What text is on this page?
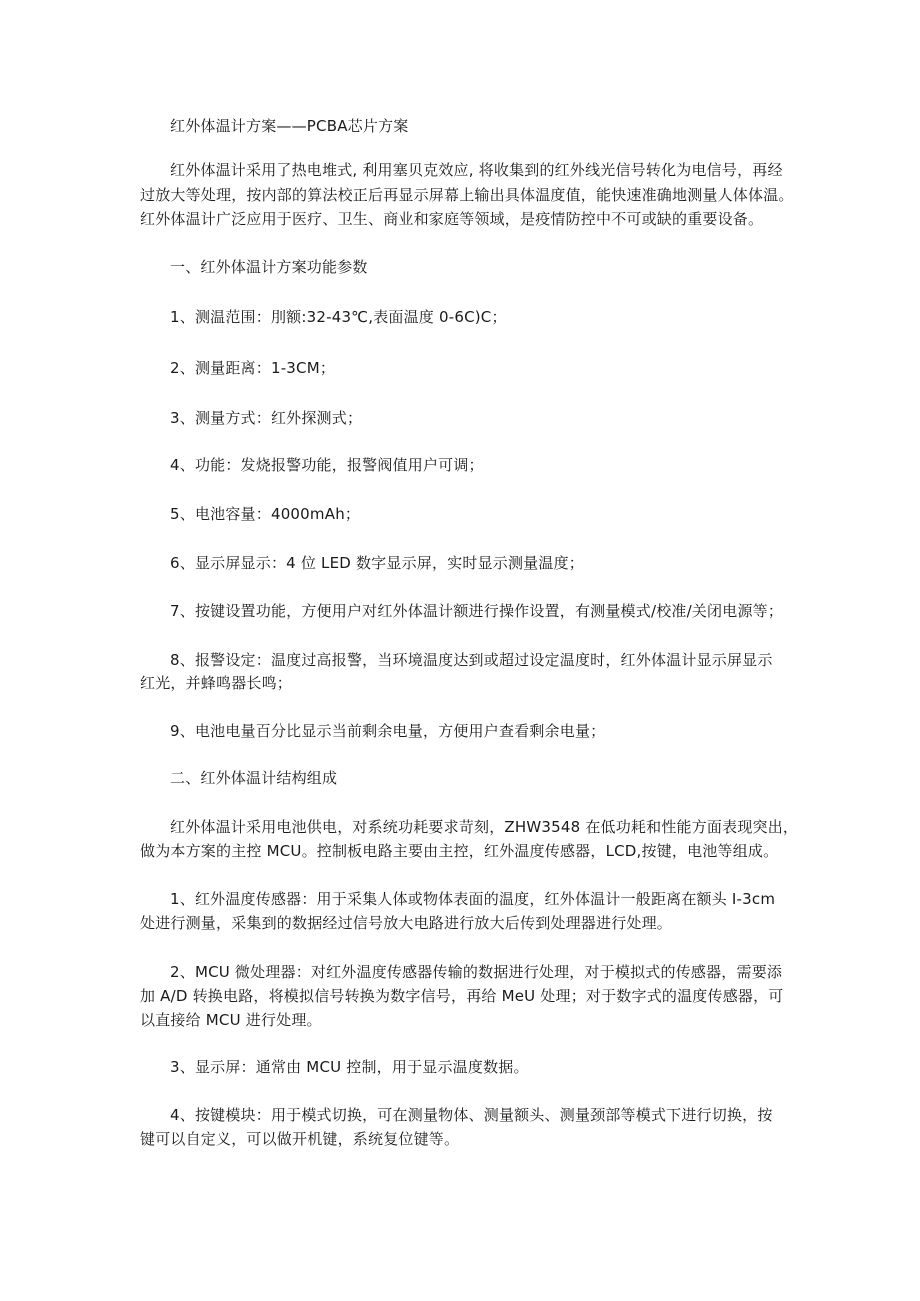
红外体温计方案——PCBA芯片方案
红外体温计采用了热电堆式, 利用塞贝克效应, 将收集到的红外线光信号转化为电信号，再经
过放大等处理，按内部的算法校正后再显示屏幕上输出具体温度值，能快速准确地测量人体体温。
红外体温计广泛应用于医疗、卫生、商业和家庭等领域，是疫情防控中不可或缺的重要设备。
一、红外体温计方案功能参数
1、测温范围：刖额:32-43℃,表面温度 0-6C)C；
2、测量距离：1-3CM；
3、测量方式：红外探测式；
4、功能：发烧报警功能，报警阀值用户可调；
5、电池容量：4000mAh；
6、显示屏显示：4 位 LED 数字显示屏，实时显示测量温度；
7、按键设置功能，方便用户对红外体温计额进行操作设置，有测量模式/校准/关闭电源等；
8、报警设定：温度过高报警，当环境温度达到或超过设定温度时，红外体温计显示屏显示
红光，并蜂鸣器长鸣；
9、电池电量百分比显示当前剩余电量，方便用户查看剩余电量；
二、红外体温计结构组成
红外体温计采用电池供电，对系统功耗要求苛刻，ZHW3548 在低功耗和性能方面表现突出，
做为本方案的主控 MCU。控制板电路主要由主控，红外温度传感器，LCD,按键，电池等组成。
1、红外温度传感器：用于采集人体或物体表面的温度，红外体温计一般距离在额头 I-3cm
处进行测量，采集到的数据经过信号放大电路进行放大后传到处理器进行处理。
2、MCU 微处理器：对红外温度传感器传输的数据进行处理，对于模拟式的传感器，需要添
加 A/D 转换电路，将模拟信号转换为数字信号，再给 MeU 处理；对于数字式的温度传感器，可
以直接给 MCU 进行处理。
3、显示屏：通常由 MCU 控制，用于显示温度数据。
4、按键模块：用于模式切换，可在测量物体、测量额头、测量颈部等模式下进行切换，按
键可以自定义，可以做开机键，系统复位键等。
